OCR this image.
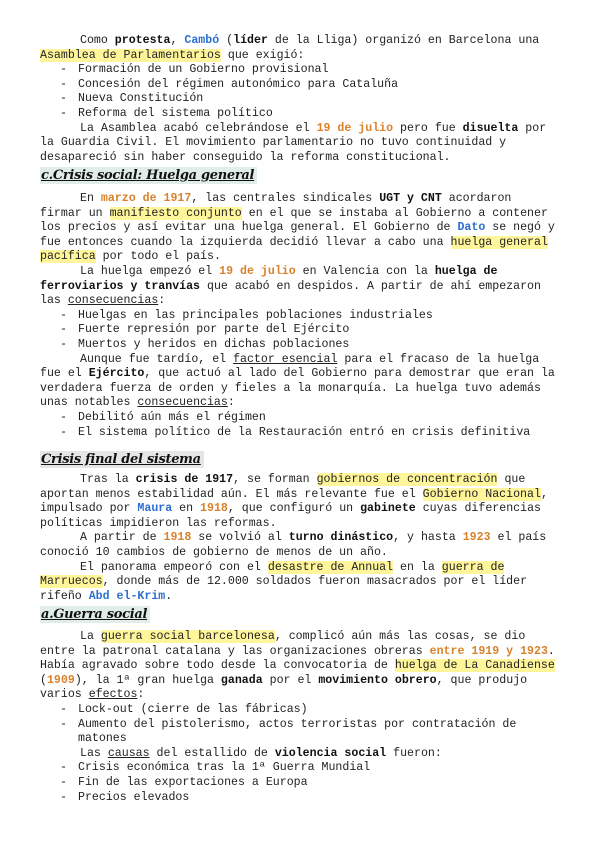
Como protesta, Cambó (líder de la Lliga) organizó en Barcelona una Asamblea de Parlamentarios que exigió:

- Formación de un Gobierno provisional
- Concesión del régimen autonómico para Cataluña
- Nueva Constitución
- Reforma del sistema político

La Asamblea acabó celebrándose el 19 de julio pero fue disuelta por la Guardia Civil. El movimiento parlamentario no tuvo continuidad y desapareció sin haber conseguido la reforma constitucional.

c.Crisis social: Huelga general

En marzo de 1917, las centrales sindicales UGT y CNT acordaron firmar un manifiesto conjunto en el que se instaba al Gobierno a contener los precios y así evitar una huelga general. El Gobierno de Dato se negó y fue entonces cuando la izquierda decidió llevar a cabo una huelga general pacífica por todo el país.

La huelga empezó el 19 de julio en Valencia con la huelga de ferroviarios y tranvías que acabó en despidos. A partir de ahí empezaron las consecuencias:

- Huelgas en las principales poblaciones industriales
- Fuerte represión por parte del Ejército
- Muertos y heridos en dichas poblaciones

Aunque fue tardío, el factor esencial para el fracaso de la huelga fue el Ejército, que actuó al lado del Gobierno para demostrar que eran la verdadera fuerza de orden y fieles a la monarquía. La huelga tuvo además unas notables consecuencias:

- Debilitó aún más el régimen
- El sistema político de la Restauración entró en crisis definitiva
Crisis final del sistema

Tras la crisis de 1917, se forman gobiernos de concentración que aportan menos estabilidad aún. El más relevante fue el Gobierno Nacional, impulsado por Maura en 1918, que configuró un gabinete cuyas diferencias políticas impidieron las reformas.

A partir de 1918 se volvió al turno dinástico, y hasta 1923 el país conoció 10 cambios de gobierno de menos de un año.

El panorama empeoró con el desastre de Annual en la guerra de Marruecos, donde más de 12.000 soldados fueron masacrados por el líder rifeño Abd el-Krim.

a.Guerra social

La guerra social barcelonesa, complicó aún más las cosas, se dio entre la patronal catalana y las organizaciones obreras entre 1919 y 1923. Había agravado sobre todo desde la convocatoria de huelga de La Canadiense (1909), la 1ª gran huelga ganada por el movimiento obrero, que produjo varios efectos:

- Lock-out (cierre de las fábricas)
- Aumento del pistolerismo, actos terroristas por contratación de

matones

Las causas del estallido de violencia social fueron:

- Crisis económica tras la 1ª Guerra Mundial
- Fin de las exportaciones a Europa
- Precios elevados
